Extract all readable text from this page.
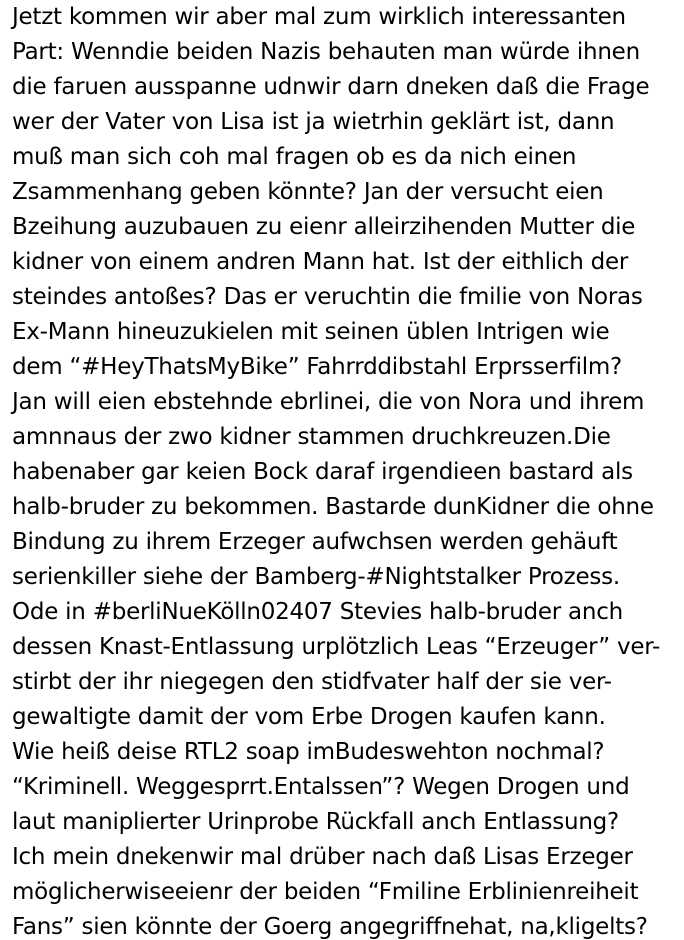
Jetzt kommen wir aber mal zum wirklich interessanten
Part: Wenndie beiden Nazis behauten man würde ihnen
die faruen ausspanne udnwir darn dneken daß die Frage
wer der Vater von Lisa ist ja wietrhin geklärt ist, dann
muß man sich coh mal fragen ob es da nich einen
Zsammenhang geben könnte? Jan der versucht eien
Bzeihung auzubauen zu eienr alleirzihenden Mutter die
kidner von einem andren Mann hat. Ist der eithlich der
steindes antoßes? Das er veruchtin die fmilie von Noras
Ex-Mann hineuzukielen mit seinen üblen Intrigen wie
dem “#HeyThatsMyBike” Fahrrddibstahl Erprsserfilm?
Jan will eien ebstehnde ebrlinei, die von Nora und ihrem
amnnaus der zwo kidner stammen druchkreuzen.Die
habenaber gar keien Bock daraf irgendieen bastard als
halb-bruder zu bekommen. Bastarde dunKidner die ohne
Bindung zu ihrem Erzeger aufwchsen werden gehäuft
serienkiller siehe der Bamberg-#Nightstalker Prozess.
Ode in #berliNueKölln02407 Stevies halb-bruder anch
dessen Knast-Entlassung urplötzlich Leas “Erzeuger” ver-
stirbt der ihr niegegen den stidfvater half der sie ver-
gewaltigte damit der vom Erbe Drogen kaufen kann.
Wie heiß deise RTL2 soap imBudeswehton nochmal?
“Kriminell. Weggesprrt.Entalssen”? Wegen Drogen und
laut maniplierter Urinprobe Rückfall anch Entlassung?
Ich mein dnekenwir mal drüber nach daß Lisas Erzeger
möglicherwiseeienr der beiden “Fmiline Erblinienreiheit
Fans” sien könnte der Goerg angegriffnehat, na,kligelts?
